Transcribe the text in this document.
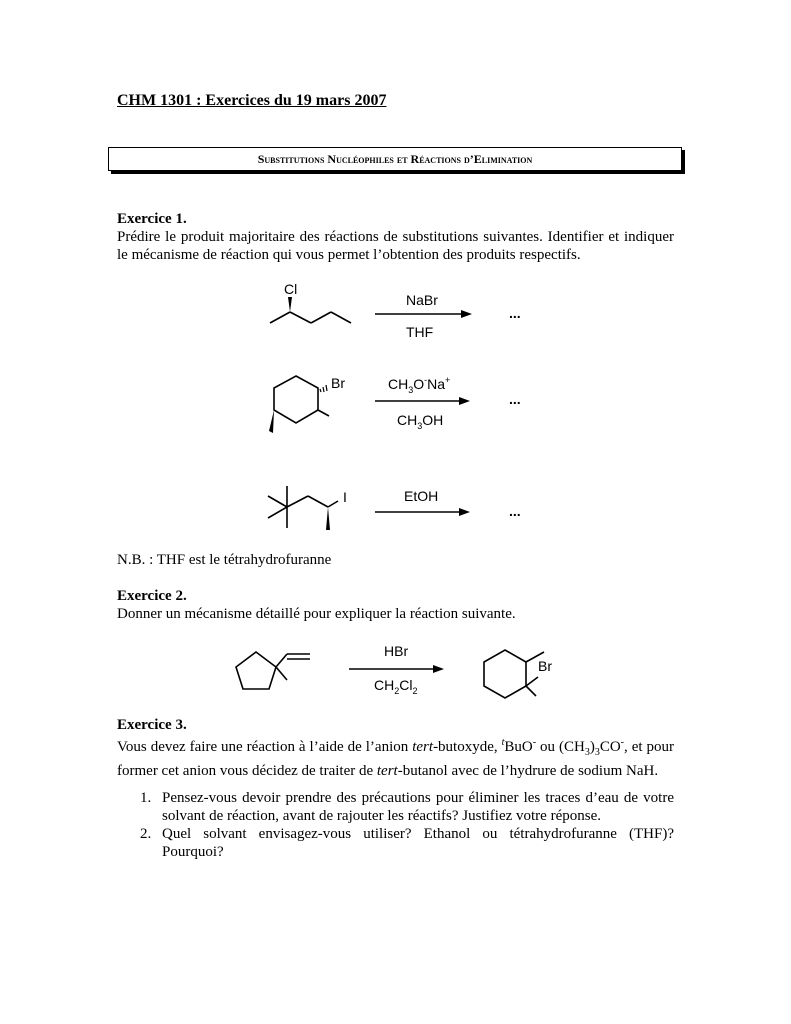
CHM 1301 : Exercices du 19 mars 2007
Substitutions Nucléophiles et Réactions d’Elimination
Exercice 1.
Prédire le produit majoritaire des réactions de substitutions suivantes. Identifier et indiquer le mécanisme de réaction qui vous permet l’obtention des produits respectifs.
Cl
NaBr
THF
...
Br	$CH_3O^-Na^+$
$CH_3OH$
...
I	EtOH
...
N.B. : THF est le tétrahydrofuranne
Exercice 2.
Donner un mécanisme détaillé pour expliquer la réaction suivante.
HBr
$CH_2Cl_2$
Br
Exercice 3.
Vous devez faire une réaction à l’aide de l’anion tert-butoxyde, $^t$BuO- ou $(CH_3)_3CO^-$, et pour former cet anion vous décidez de traiter de tert-butanol avec de l’hydrure de sodium NaH.
1. Pensez-vous devoir prendre des précautions pour éliminer les traces d’eau de votre solvant de réaction, avant de rajouter les réactifs? Justifiez votre réponse.
2. Quel solvant envisagez-vous utiliser? Ethanol ou tétrahydrofuranne (THF)? Pourquoi?
